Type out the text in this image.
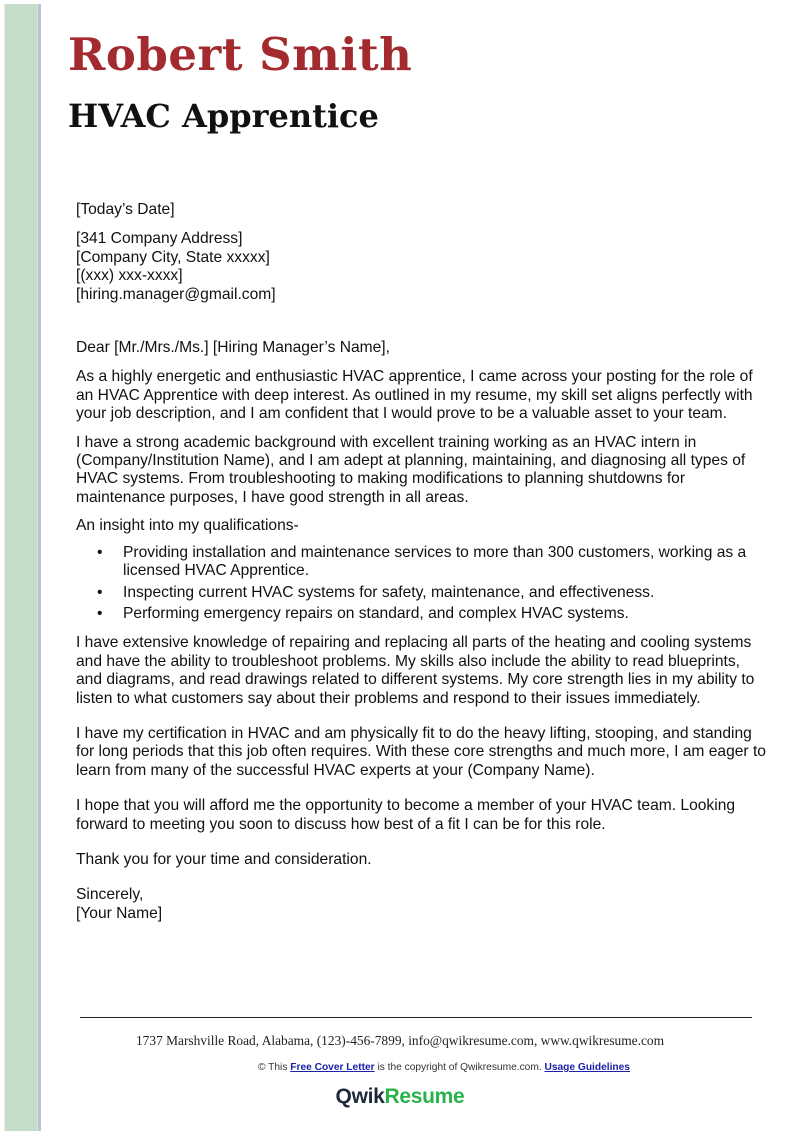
Robert Smith
HVAC Apprentice

[Today’s Date]

[341 Company Address]

[Company City, State xxxxx]

[(xxx) xxx-xxxx]

[hiring.manager@gmail.com]

Dear [Mr./Mrs./Ms.] [Hiring Manager’s Name],

As a highly energetic and enthusiastic HVAC apprentice, I came across your posting for the role of an HVAC Apprentice with deep interest. As outlined in my resume, my skill set aligns perfectly with your job description, and I am confident that I would prove to be a valuable asset to your team.

I have a strong academic background with excellent training working as an HVAC intern in (Company/Institution Name), and I am adept at planning, maintaining, and diagnosing all types of HVAC systems. From troubleshooting to making modifications to planning shutdowns for maintenance purposes, I have good strength in all areas.

An insight into my qualifications-

• Providing installation and maintenance services to more than 300 customers, working as a licensed HVAC Apprentice.
• Inspecting current HVAC systems for safety, maintenance, and effectiveness.
• Performing emergency repairs on standard, and complex HVAC systems.

I have extensive knowledge of repairing and replacing all parts of the heating and cooling systems and have the ability to troubleshoot problems. My skills also include the ability to read blueprints, and diagrams, and read drawings related to different systems. My core strength lies in my ability to listen to what customers say about their problems and respond to their issues immediately.

I have my certification in HVAC and am physically fit to do the heavy lifting, stooping, and standing for long periods that this job often requires. With these core strengths and much more, I am eager to learn from many of the successful HVAC experts at your (Company Name).

I hope that you will afford me the opportunity to become a member of your HVAC team. Looking forward to meeting you soon to discuss how best of a fit I can be for this role.

Thank you for your time and consideration.

Sincerely,

[Your Name]

1737 Marshville Road, Alabama, (123)-456-7899, info@qwikresume.com, www.qwikresume.com
© This Free Cover Letter is the copyright of Qwikresume.com. Usage Guidelines
QwikResume
